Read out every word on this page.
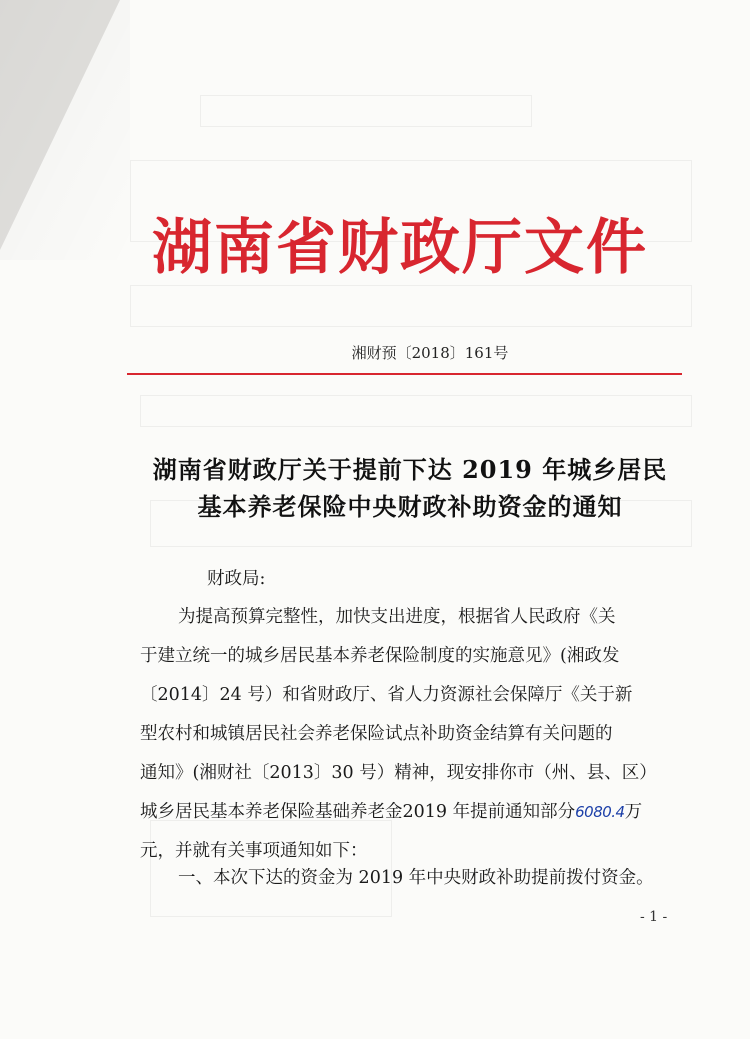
湖南省财政厅文件
湘财预〔2018〕161号
湖南省财政厅关于提前下达 2019 年城乡居民
基本养老保险中央财政补助资金的通知
财政局:
为提高预算完整性，加快支出进度，根据省人民政府《关
于建立统一的城乡居民基本养老保险制度的实施意见》(湘政发
〔2014〕24 号）和省财政厅、省人力资源社会保障厅《关于新
型农村和城镇居民社会养老保险试点补助资金结算有关问题的
通知》(湘财社〔2013〕30 号）精神，现安排你市（州、县、区）
城乡居民基本养老保险基础养老金2019 年提前通知部分6080.4万
元，并就有关事项通知如下：
一、本次下达的资金为 2019 年中央财政补助提前拨付资金。
- 1 -
